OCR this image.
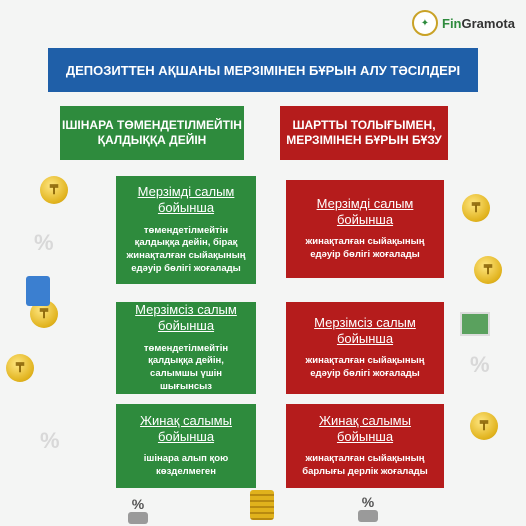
✦ FinGramota
ДЕПОЗИТТЕН АҚШАНЫ МЕРЗІМІНЕН БҰРЫН АЛУ ТӘСІЛДЕРІ
ІШІНАРА ТӨМЕНДЕТІЛМЕЙТІН ҚАЛДЫҚҚА ДЕЙІН
ШАРТТЫ ТОЛЫҒЫМЕН, МЕРЗІМІНЕН БҰРЫН БҰЗУ
Мерзімді салым бойынша
төмендетілмейтін қалдыққа дейін, бірақ жинақталған сыйақының едәуір бөлігі жоғалады
Мерзімсіз салым бойынша
төмендетілмейтін қалдыққа дейін, салымшы үшін шығынсыз
Жинақ салымы бойынша
ішінара алып қою көзделмеген
Мерзімді салым бойынша
жинақталған сыйақының едәуір бөлігі жоғалады
Мерзімсіз салым бойынша
жинақталған сыйақының едәуір бөлігі жоғалады
Жинақ салымы бойынша
жинақталған сыйақының барлығы дерлік жоғалады
₸
₸
₸
₸
₸
₸
%
%
%
%	%
